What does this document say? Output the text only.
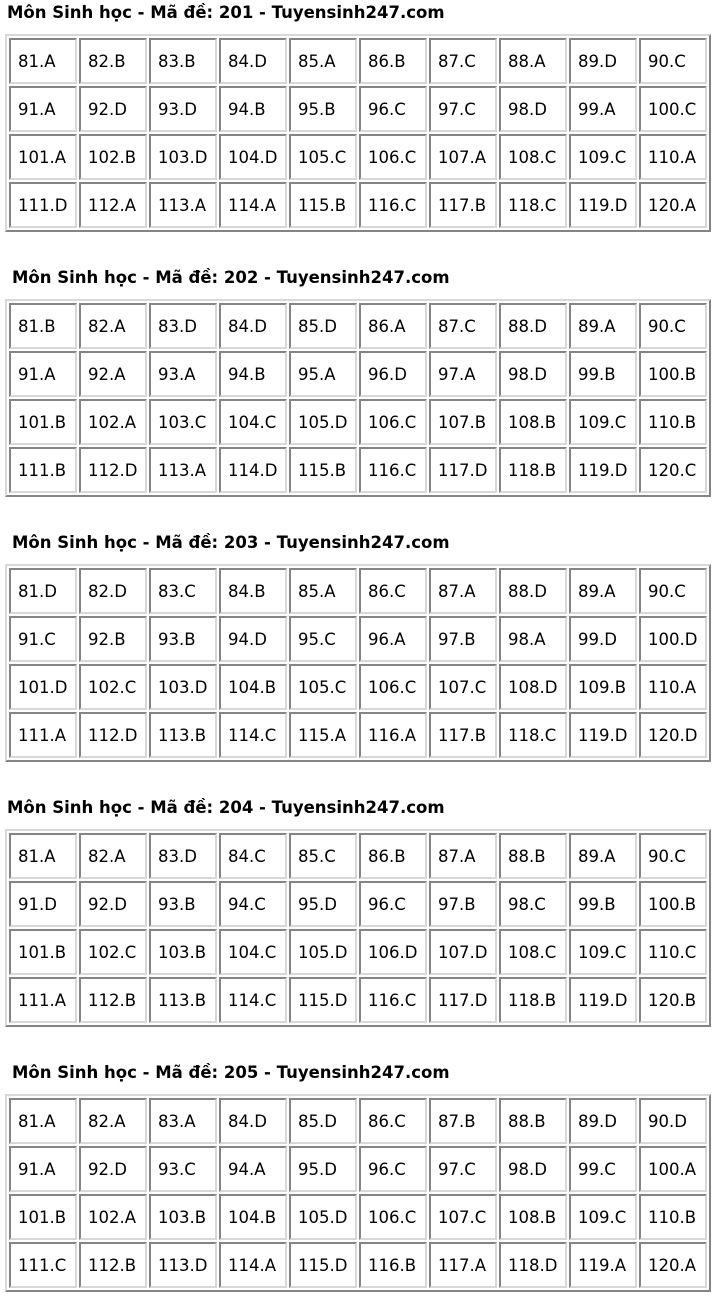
Môn Sinh học - Mã đề: 201 - Tuyensinh247.com
81.A	82.B	83.B	84.D	85.A	86.B	87.C	88.A	89.D	90.C
91.A	92.D	93.D	94.B	95.B	96.C	97.C	98.D	99.A	100.C
101.A	102.B	103.D	104.D	105.C	106.C	107.A	108.C	109.C	110.A
111.D	112.A	113.A	114.A	115.B	116.C	117.B	118.C	119.D	120.A
Môn Sinh học - Mã đề: 202 - Tuyensinh247.com
81.B	82.A	83.D	84.D	85.D	86.A	87.C	88.D	89.A	90.C
91.A	92.A	93.A	94.B	95.A	96.D	97.A	98.D	99.B	100.B
101.B	102.A	103.C	104.C	105.D	106.C	107.B	108.B	109.C	110.B
111.B	112.D	113.A	114.D	115.B	116.C	117.D	118.B	119.D	120.C
Môn Sinh học - Mã đề: 203 - Tuyensinh247.com
81.D	82.D	83.C	84.B	85.A	86.C	87.A	88.D	89.A	90.C
91.C	92.B	93.B	94.D	95.C	96.A	97.B	98.A	99.D	100.D
101.D	102.C	103.D	104.B	105.C	106.C	107.C	108.D	109.B	110.A
111.A	112.D	113.B	114.C	115.A	116.A	117.B	118.C	119.D	120.D
Môn Sinh học - Mã đề: 204 - Tuyensinh247.com
81.A	82.A	83.D	84.C	85.C	86.B	87.A	88.B	89.A	90.C
91.D	92.D	93.B	94.C	95.D	96.C	97.B	98.C	99.B	100.B
101.B	102.C	103.B	104.C	105.D	106.D	107.D	108.C	109.C	110.C
111.A	112.B	113.B	114.C	115.D	116.C	117.D	118.B	119.D	120.B
Môn Sinh học - Mã đề: 205 - Tuyensinh247.com
81.A	82.A	83.A	84.D	85.D	86.C	87.B	88.B	89.D	90.D
91.A	92.D	93.C	94.A	95.D	96.C	97.C	98.D	99.C	100.A
101.B	102.A	103.B	104.B	105.D	106.C	107.C	108.B	109.C	110.B
111.C	112.B	113.D	114.A	115.D	116.B	117.A	118.D	119.A	120.A
